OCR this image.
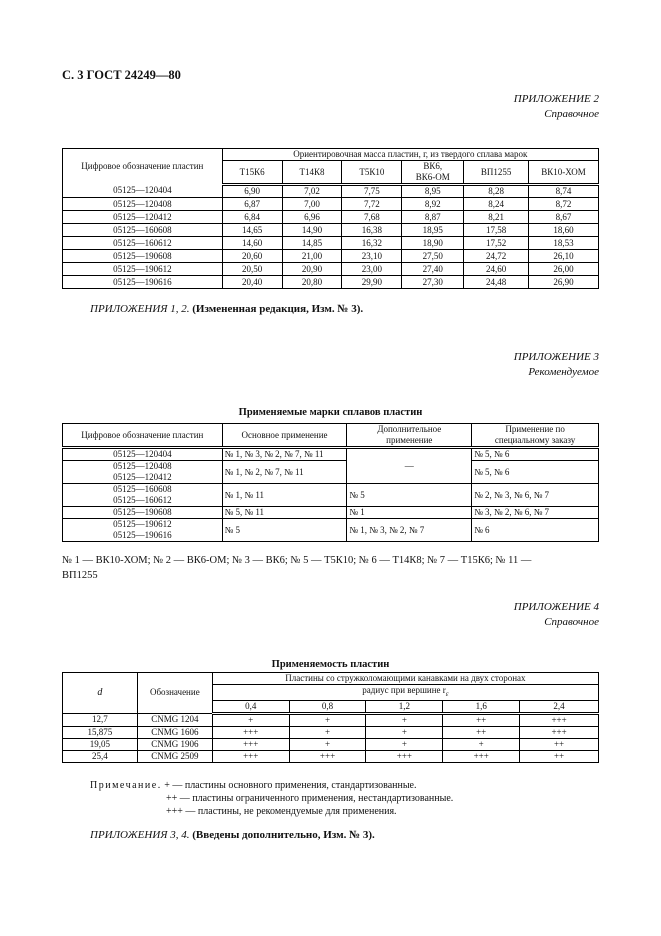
С. 3 ГОСТ 24249—80
ПРИЛОЖЕНИЕ 2
Справочное
Цифровое обозначение пластин	Ориентировочная масса пластин, г, из твердого сплава марок					
	Т15К6	Т14К8	Т5К10	ВК6,
ВК6-ОМ	ВП1255	ВК10-ХОМ
05125—120404	6,90	7,02	7,75	8,95	8,28	8,74
05125—120408	6,87	7,00	7,72	8,92	8,24	8,72
05125—120412	6,84	6,96	7,68	8,87	8,21	8,67
05125—160608	14,65	14,90	16,38	18,95	17,58	18,60
05125—160612	14,60	14,85	16,32	18,90	17,52	18,53
05125—190608	20,60	21,00	23,10	27,50	24,72	26,10
05125—190612	20,50	20,90	23,00	27,40	24,60	26,00
05125—190616	20,40	20,80	29,90	27,30	24,48	26,90
ПРИЛОЖЕНИЯ 1, 2. (Измененная редакция, Изм. № 3).
ПРИЛОЖЕНИЕ 3
Рекомендуемое
Применяемые марки сплавов пластин
Цифровое обозначение пластин	Основное применение	Дополнительное
применение	Применение по
специальному заказу

05125—120404	№ 1, № 3, № 2, № 7, № 11	—	№ 5, № 6

05125—120408
05125—120412	№ 1, № 2, № 7, № 11		№ 5, № 6

05125—160608
05125—160612	№ 1, № 11	№ 5	№ 2, № 3, № 6, № 7

05125—190608	№ 5, № 11	№ 1	№ 3, № 2, № 6, № 7

05125—190612
05125—190616	№ 5	№ 1, № 3, № 2, № 7	№ 6
№ 1 — ВК10-ХОМ; № 2 — ВК6-ОМ; № 3 — ВК6; № 5 — Т5К10; № 6 — Т14К8; № 7 — Т15К6; № 11 —
ВП1255
ПРИЛОЖЕНИЕ 4
Справочное
Применяемость пластин
d	Обозначение	Пластины со стружколомающими канавками на двух сторонах				
		радиус при вершине $r_\varepsilon$
		0,4	0,8	1,2	1,6	2,4
12,7	CNMG 1204	+	+	+	++	+++
15,875	CNMG 1606	+++	+	+	++	+++
19,05	CNMG 1906	+++	+	+	+	++
25,4	CNMG 2509	+++	+++	+++	+++	++
Примечание. + — пластины основного применения, стандартизованные.
++ — пластины ограниченного применения, нестандартизованные.
+++ — пластины, не рекомендуемые для применения.
ПРИЛОЖЕНИЯ 3, 4. (Введены дополнительно, Изм. № 3).
